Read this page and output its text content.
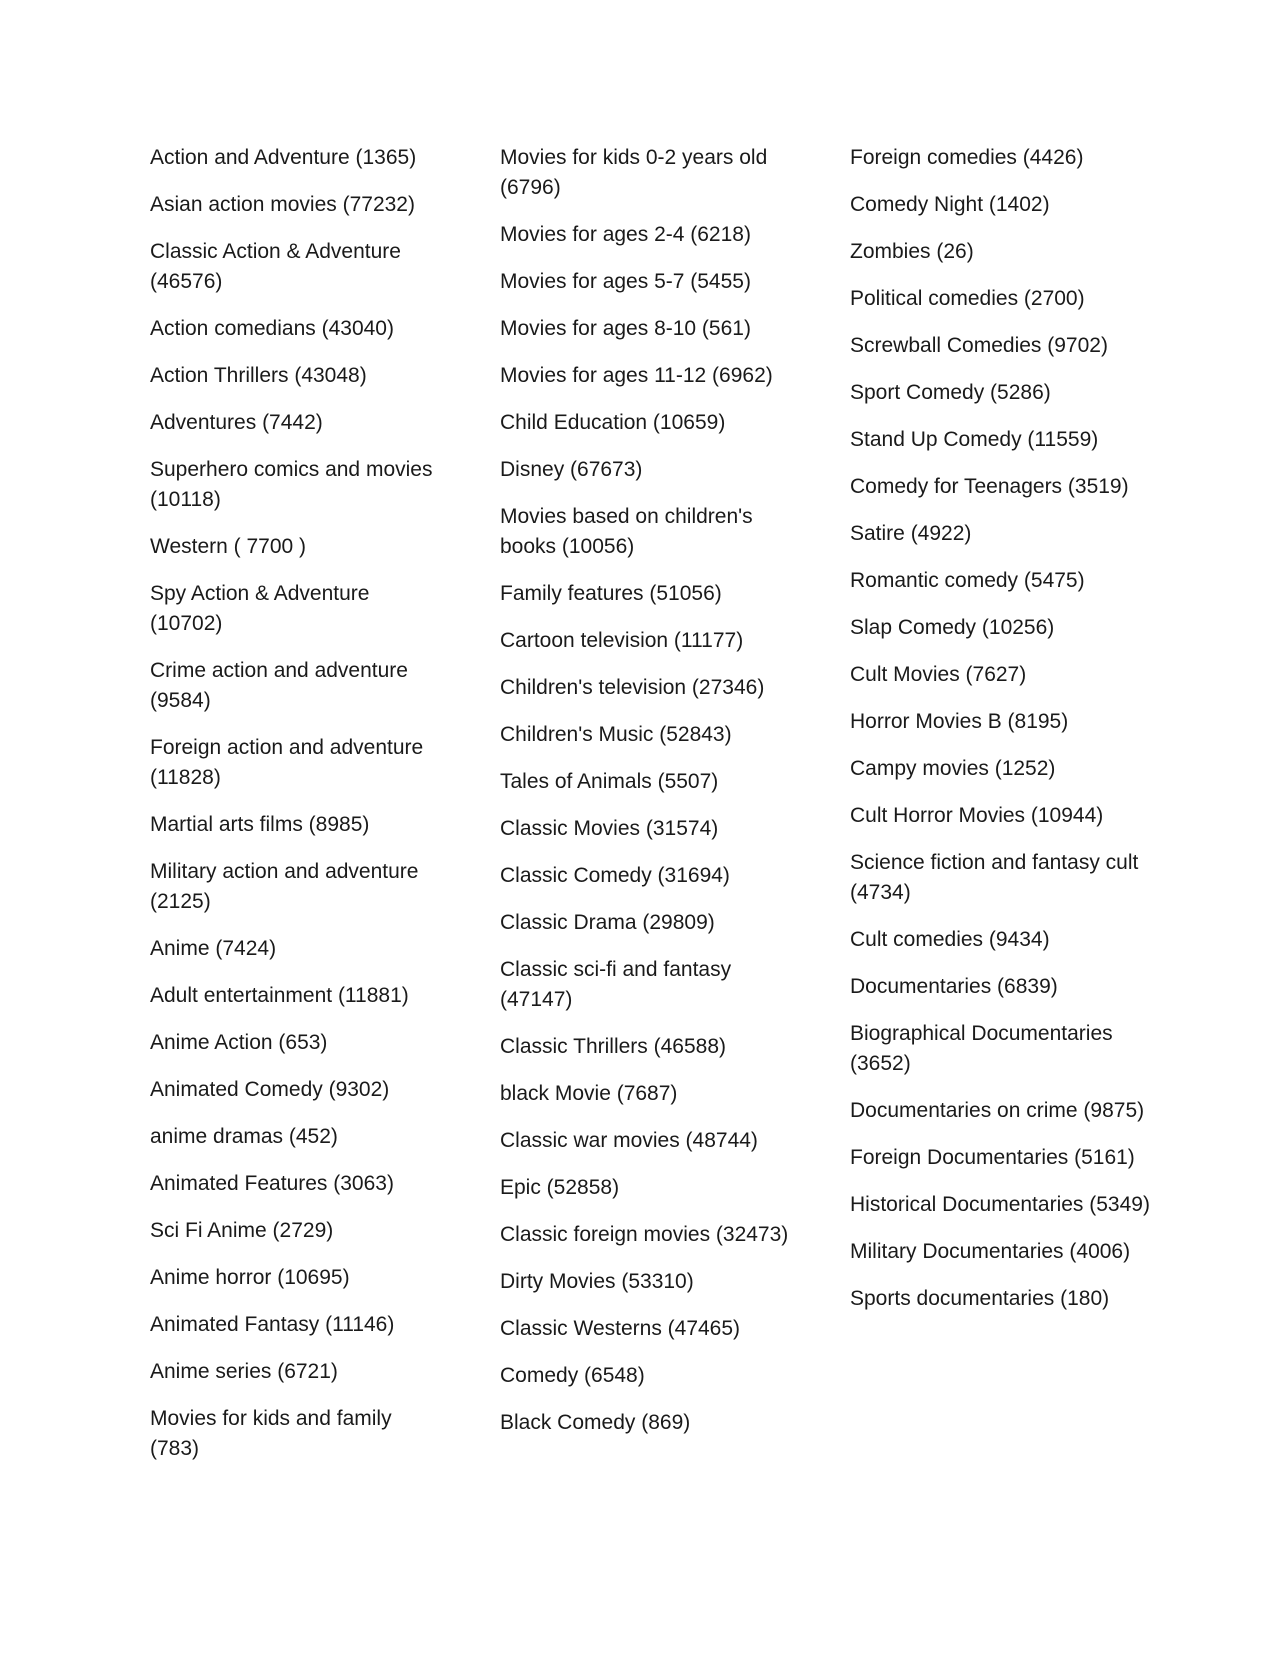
Action and Adventure (1365)
Asian action movies (77232)
Classic Action & Adventure (46576)
Action comedians (43040)
Action Thrillers (43048)
Adventures (7442)
Superhero comics and movies (10118)
Western ( 7700 )
Spy Action & Adventure (10702)
Crime action and adventure (9584)
Foreign action and adventure (11828)
Martial arts films (8985)
Military action and adventure (2125)
Anime (7424)
Adult entertainment (11881)
Anime Action (653)
Animated Comedy (9302)
anime dramas (452)
Animated Features (3063)
Sci Fi Anime (2729)
Anime horror (10695)
Animated Fantasy (11146)
Anime series (6721)
Movies for kids and family (783)
Movies for kids 0-2 years old (6796)
Movies for ages 2-4 (6218)
Movies for ages 5-7 (5455)
Movies for ages 8-10 (561)
Movies for ages 11-12 (6962)
Child Education (10659)
Disney (67673)
Movies based on children's books (10056)
Family features (51056)
Cartoon television (11177)
Children's television (27346)
Children's Music (52843)
Tales of Animals (5507)
Classic Movies (31574)
Classic Comedy (31694)
Classic Drama (29809)
Classic sci-fi and fantasy (47147)
Classic Thrillers (46588)
black Movie (7687)
Classic war movies (48744)
Epic (52858)
Classic foreign movies (32473)
Dirty Movies (53310)
Classic Westerns (47465)
Comedy (6548)
Black Comedy (869)
Foreign comedies (4426)
Comedy Night (1402)
Zombies (26)
Political comedies (2700)
Screwball Comedies (9702)
Sport Comedy (5286)
Stand Up Comedy (11559)
Comedy for Teenagers (3519)
Satire (4922)
Romantic comedy (5475)
Slap Comedy (10256)
Cult Movies (7627)
Horror Movies B (8195)
Campy movies (1252)
Cult Horror Movies (10944)
Science fiction and fantasy cult (4734)
Cult comedies (9434)
Documentaries (6839)
Biographical Documentaries (3652)
Documentaries on crime (9875)
Foreign Documentaries (5161)
Historical Documentaries (5349)
Military Documentaries (4006)
Sports documentaries (180)
